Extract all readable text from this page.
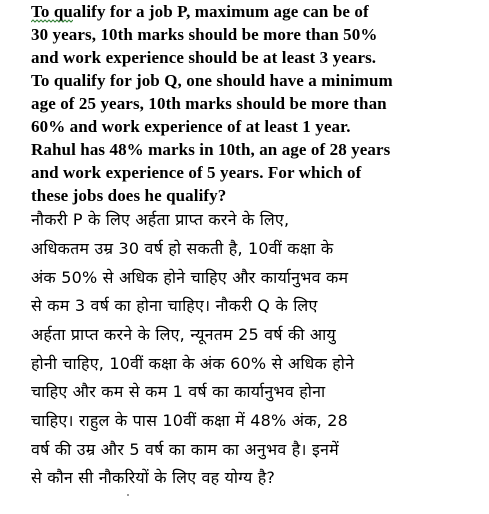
To qualify for a job P, maximum age can be of
30 years, 10th marks should be more than 50%
and work experience should be at least 3 years.
To qualify for job Q, one should have a minimum
age of 25 years, 10th marks should be more than
60% and work experience of at least 1 year.
Rahul has 48% marks in 10th, an age of 28 years
and work experience of 5 years. For which of
these jobs does he qualify?
नौकरी P के लिए अर्हता प्राप्त करने के लिए,
अधिकतम उम्र 30 वर्ष हो सकती है, 10वीं कक्षा के
अंक 50% से अधिक होने चाहिए और कार्यानुभव कम
से कम 3 वर्ष का होना चाहिए। नौकरी Q के लिए
अर्हता प्राप्त करने के लिए, न्यूनतम 25 वर्ष की आयु
होनी चाहिए, 10वीं कक्षा के अंक 60% से अधिक होने
चाहिए और कम से कम 1 वर्ष का कार्यानुभव होना
चाहिए। राहुल के पास 10वीं कक्षा में 48% अंक, 28
वर्ष की उम्र और 5 वर्ष का काम का अनुभव है। इनमें
से कौन सी नौकरियों के लिए वह योग्य है?
